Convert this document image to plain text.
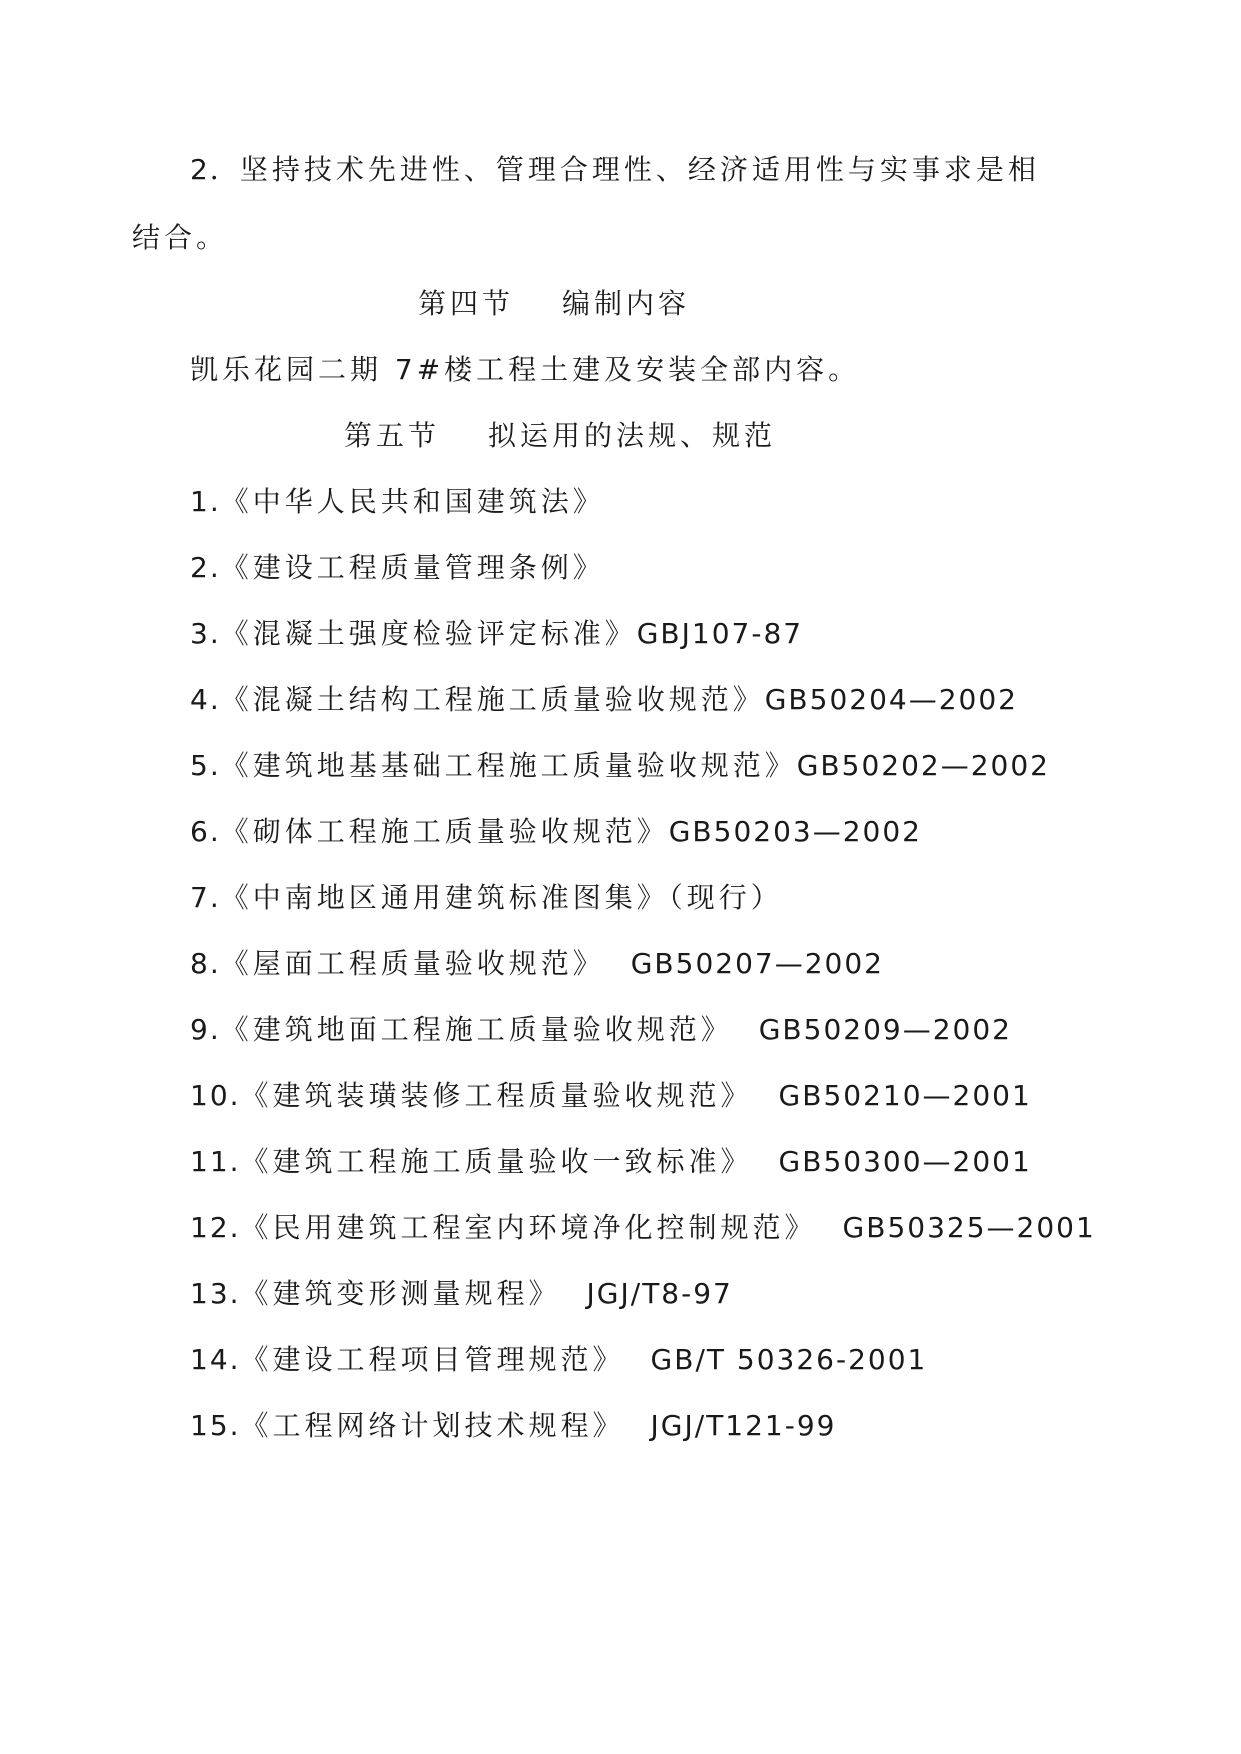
2．坚持技术先进性、管理合理性、经济适用性与实事求是相
结合。
第四节 编制内容
凯乐花园二期 7#楼工程土建及安装全部内容。
第五节 拟运用的法规、规范
1.《中华人民共和国建筑法》
2.《建设工程质量管理条例》
3.《混凝土强度检验评定标准》GBJ107-87
4.《混凝土结构工程施工质量验收规范》GB50204—2002
5.《建筑地基基础工程施工质量验收规范》GB50202—2002
6.《砌体工程施工质量验收规范》GB50203—2002
7.《中南地区通用建筑标准图集》（现行）
8.《屋面工程质量验收规范》 GB50207—2002
9.《建筑地面工程施工质量验收规范》 GB50209—2002
10.《建筑装璜装修工程质量验收规范》 GB50210—2001
11.《建筑工程施工质量验收一致标准》 GB50300—2001
12.《民用建筑工程室内环境净化控制规范》 GB50325—2001
13.《建筑变形测量规程》 JGJ/T8-97
14.《建设工程项目管理规范》 GB/T 50326-2001
15.《工程网络计划技术规程》 JGJ/T121-99
